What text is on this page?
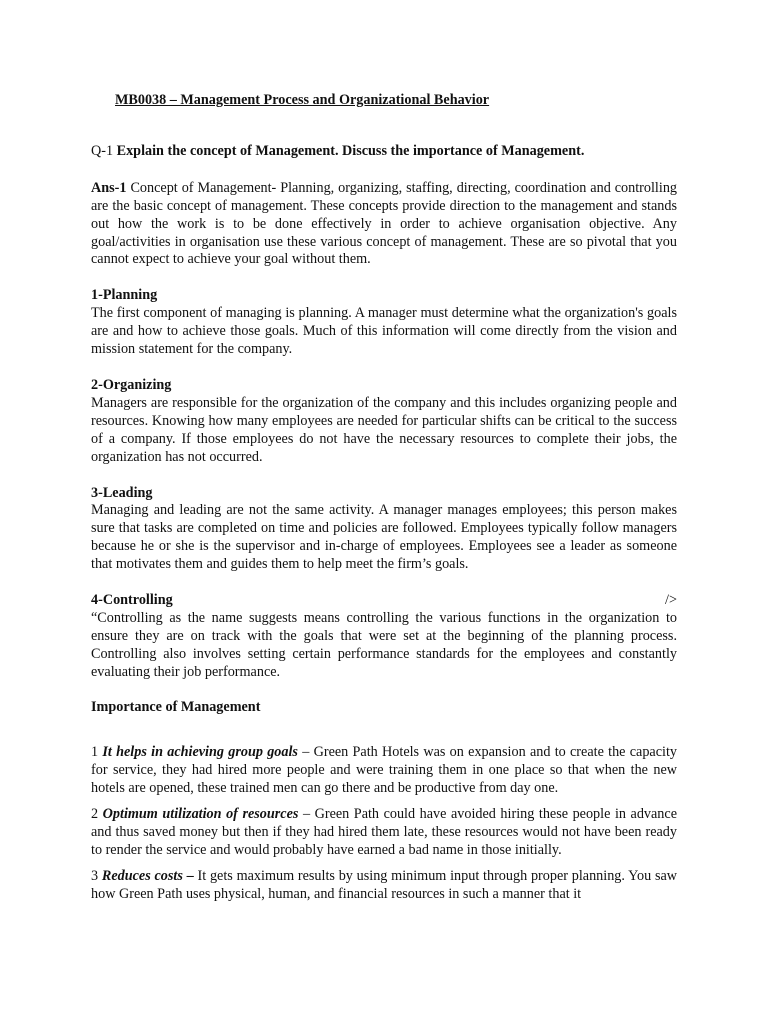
MB0038 – Management Process and Organizational Behavior

Q-1 Explain the concept of Management. Discuss the importance of Management.

Ans-1 Concept of Management- Planning, organizing, staffing, directing, coordination and controlling are the basic concept of management. These concepts provide direction to the management and stands out how the work is to be done effectively in order to achieve organisation objective. Any goal/activities in organisation use these various concept of management. These are so pivotal that you cannot expect to achieve your goal without them.

1-Planning

The first component of managing is planning. A manager must determine what the organization's goals are and how to achieve those goals. Much of this information will come directly from the vision and mission statement for the company.

2-Organizing

Managers are responsible for the organization of the company and this includes organizing people and resources. Knowing how many employees are needed for particular shifts can be critical to the success of a company. If those employees do not have the necessary resources to complete their jobs, the organization has not occurred.

3-Leading

Managing and leading are not the same activity. A manager manages employees; this person makes sure that tasks are completed on time and policies are followed. Employees typically follow managers because he or she is the supervisor and in-charge of employees. Employees see a leader as someone that motivates them and guides them to help meet the firm’s goals.

4-Controlling	/>

“Controlling as the name suggests means controlling the various functions in the organization to ensure they are on track with the goals that were set at the beginning of the planning process. Controlling also involves setting certain performance standards for the employees and constantly evaluating their job performance.

Importance of Management

1 It helps in achieving group goals – Green Path Hotels was on expansion and to create the capacity for service, they had hired more people and were training them in one place so that when the new hotels are opened, these trained men can go there and be productive from day one.

2 Optimum utilization of resources – Green Path could have avoided hiring these people in advance and thus saved money but then if they had hired them late, these resources would not have been ready to render the service and would probably have earned a bad name in those initially.

3 Reduces costs – It gets maximum results by using minimum input through proper planning. You saw how Green Path uses physical, human, and financial resources in such a manner that it
